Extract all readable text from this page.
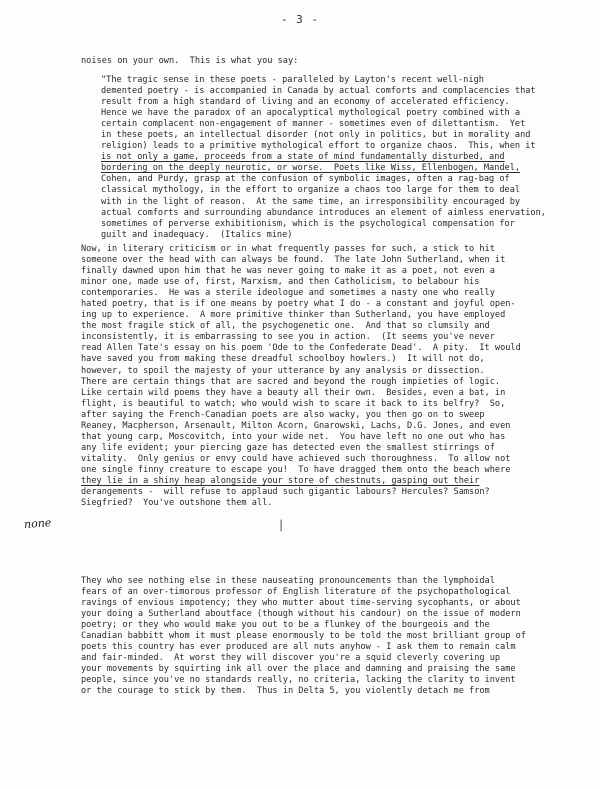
- 3 -
noises on your own.  This is what you say:
"The tragic sense in these poets - paralleled by Layton's recent well-nigh
demented poetry - is accompanied in Canada by actual comforts and complacencies that
result from a high standard of living and an economy of accelerated efficiency.
Hence we have the paradox of an apocalyptical mythological poetry combined with a
certain complacent non-engagement of manner - sometimes even of dilettantism.  Yet
in these poets, an intellectual disorder (not only in politics, but in morality and
religion) leads to a primitive mythological effort to organize chaos.  This, when it
is not only a game, proceeds from a state of mind fundamentally disturbed, and
bordering on the deeply neurotic, or worse.  Poets like Wiss, Ellenbogen, Mandel,
Cohen, and Purdy, grasp at the confusion of symbolic images, often a rag-bag of
classical mythology, in the effort to organize a chaos too large for them to deal
with in the light of reason.  At the same time, an irresponsibility encouraged by
actual comforts and surrounding abundance introduces an element of aimless enervation,
sometimes of perverse exhibitionism, which is the psychological compensation for
guilt and inadequacy.  (Italics mine)
Now, in literary criticism or in what frequently passes for such, a stick to hit
someone over the head with can always be found.  The late John Sutherland, when it
finally dawned upon him that he was never going to make it as a poet, not even a
minor one, made use of, first, Marxism, and then Catholicism, to belabour his
contemporaries.  He was a sterile ideologue and sometimes a nasty one who really
hated poetry, that is if one means by poetry what I do - a constant and joyful open-
ing up to experience.  A more primitive thinker than Sutherland, you have employed
the most fragile stick of all, the psychogenetic one.  And that so clumsily and
inconsistently, it is embarrassing to see you in action.  (It seems you've never
read Allen Tate's essay on his poem 'Ode to the Confederate Dead'.  A pity.  It would
have saved you from making these dreadful schoolboy howlers.)  It will not do,
however, to spoil the majesty of your utterance by any analysis or dissection.
There are certain things that are sacred and beyond the rough impieties of logic.
Like certain wild poems they have a beauty all their own.  Besides, even a bat, in
flight, is beautiful to watch; who would wish to scare it back to its belfry?  So,
after saying the French-Canadian poets are also wacky, you then go on to sweep
Reaney, Macpherson, Arsenault, Milton Acorn, Gnarowski, Lachs, D.G. Jones, and even
that young carp, Moscovitch, into your wide net.  You have left no one out who has
any life evident; your piercing gaze has detected even the smallest stirrings of
vitality.  Only genius or envy could have achieved such thoroughness.  To allow not
one single finny creature to escape you!  To have dragged them onto the beach where
they lie in a shiny heap alongside your store of chestnuts, gasping out their
derangements -  will refuse to applaud such gigantic labours? Hercules? Samson?
Siegfried?  You've outshone them all.
They who see nothing else in these nauseating pronouncements than the lymphoidal
fears of an over-timorous professor of English literature of the psychopathological
ravings of envious impotency; they who mutter about time-serving sycophants, or about
your doing a Sutherland aboutface (though without his candour) on the issue of modern
poetry; or they who would make you out to be a flunkey of the bourgeois and the
Canadian babbitt whom it must please enormously to be told the most brilliant group of
poets this country has ever produced are all nuts anyhow - I ask them to remain calm
and fair-minded.  At worst they will discover you're a squid cleverly covering up
your movements by squirting ink all over the place and damning and praising the same
people, since you've no standards really, no criteria, lacking the clarity to invent
or the courage to stick by them.  Thus in Delta 5, you violently detach me from
none	│
